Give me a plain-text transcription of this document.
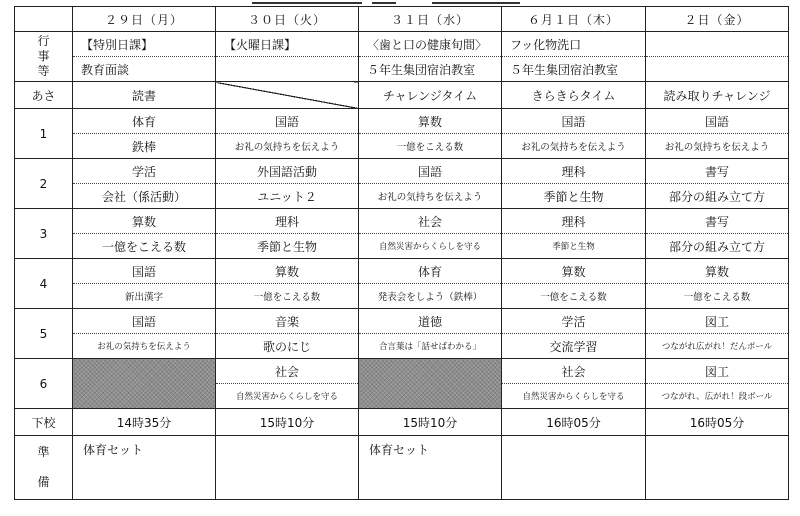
	２９日（月）	３０日（火）	３１日（水）	６月１日（木）	２日（金）
行
事
等	【特別日課】	【火曜日課】	〈歯と口の健康旬間〉	フッ化物洗口	
	教育面談		５年生集団宿泊教室	５年生集団宿泊教室	
あさ	読書		チャレンジタイム	きらきらタイム	読み取りチャレンジ
1	体育	国語	算数	国語	国語
	鉄棒	お礼の気持ちを伝えよう	一億をこえる数	お礼の気持ちを伝えよう	お礼の気持ちを伝えよう
2	学活	外国語活動	国語	理科	書写
	会社（係活動）	ユニット２	お礼の気持ちを伝えよう	季節と生物	部分の組み立て方
3	算数	理科	社会	理科	書写
	一億をこえる数	季節と生物	自然災害からくらしを守る	季節と生物	部分の組み立て方
4	国語	算数	体育	算数	算数
	新出漢字	一億をこえる数	発表会をしよう（鉄棒）	一億をこえる数	一億をこえる数
5	国語	音楽	道徳	学活	図工
	お礼の気持ちを伝えよう	歌のにじ	合言葉は「話せばわかる」	交流学習	つながれ広がれ！だんボール
6		社会		社会	図工
		自然災害からくらしを守る		自然災害からくらしを守る	つながれ、広がれ！段ボール
下校	14時35分	15時10分	15時10分	16時05分	16時05分
準

備	体育セット		体育セット		
